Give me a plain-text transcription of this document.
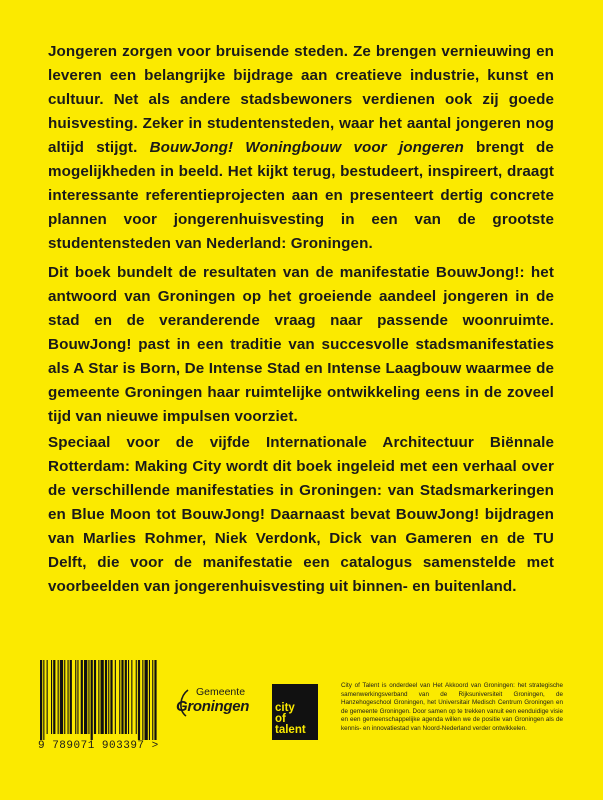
Jongeren zorgen voor bruisende steden. Ze brengen vernieuwing en leveren een belangrijke bijdrage aan creatieve industrie, kunst en cultuur. Net als andere stadsbewoners verdienen ook zij goede huisvesting. Zeker in studentensteden, waar het aantal jongeren nog altijd stijgt. BouwJong! Woningbouw voor jongeren brengt de mogelijkheden in beeld. Het kijkt terug, bestudeert, inspireert, draagt interessante referentieprojecten aan en presenteert dertig concrete plannen voor jongerenhuisvesting in een van de grootste studentensteden van Nederland: Groningen.

Dit boek bundelt de resultaten van de manifestatie BouwJong!: het antwoord van Groningen op het groeiende aandeel jongeren in de stad en de veranderende vraag naar passende woonruimte. BouwJong! past in een traditie van succesvolle stadsmanifestaties als A Star is Born, De Intense Stad en Intense Laagbouw waarmee de gemeente Groningen haar ruimtelijke ontwikkeling eens in de zoveel tijd van nieuwe impulsen voorziet.

Speciaal voor de vijfde Internationale Architectuur Biënnale Rotterdam: Making City wordt dit boek ingeleid met een verhaal over de verschillende manifestaties in Groningen: van Stadsmarkeringen en Blue Moon tot BouwJong! Daarnaast bevat BouwJong! bijdragen van Marlies Rohmer, Niek Verdonk, Dick van Gameren en de TU Delft, die voor de manifestatie een catalogus samenstelde met voorbeelden van jongerenhuisvesting uit binnen- en buitenland.

9 789071 903397 >
Gemeente
Groningen city
of
talent
City of Talent is onderdeel van Het Akkoord van Groningen: het strategische samenwerkingsverband van de Rijksuniversiteit Groningen, de Hanzehogeschool Groningen, het Universitair Medisch Centrum Groningen en de gemeente Groningen. Door samen op te trekken vanuit een eenduidige visie en een gemeenschappelijke agenda willen we de positie van Groningen als de kennis- en innovatiestad van Noord-Nederland verder ontwikkelen.
